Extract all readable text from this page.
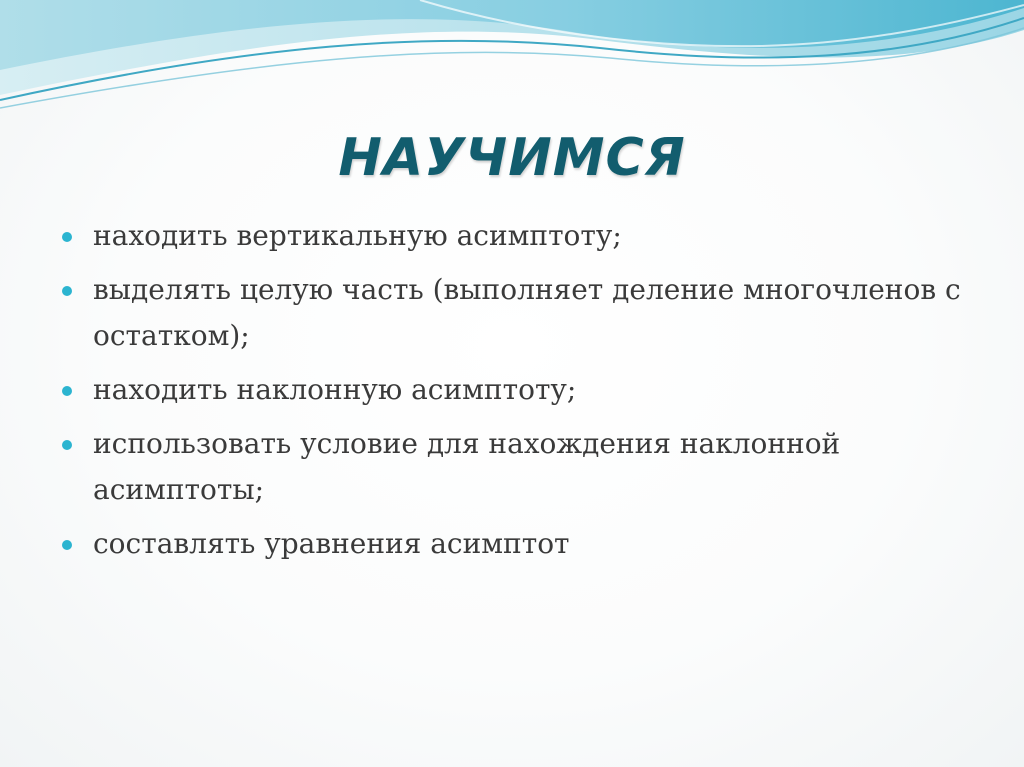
НАУЧИМСЯ
находить вертикальную асимптоту;
выделять целую часть (выполняет деление многочленов с остатком);
находить наклонную асимптоту;
использовать условие для нахождения наклонной асимптоты;
составлять уравнения асимптот
